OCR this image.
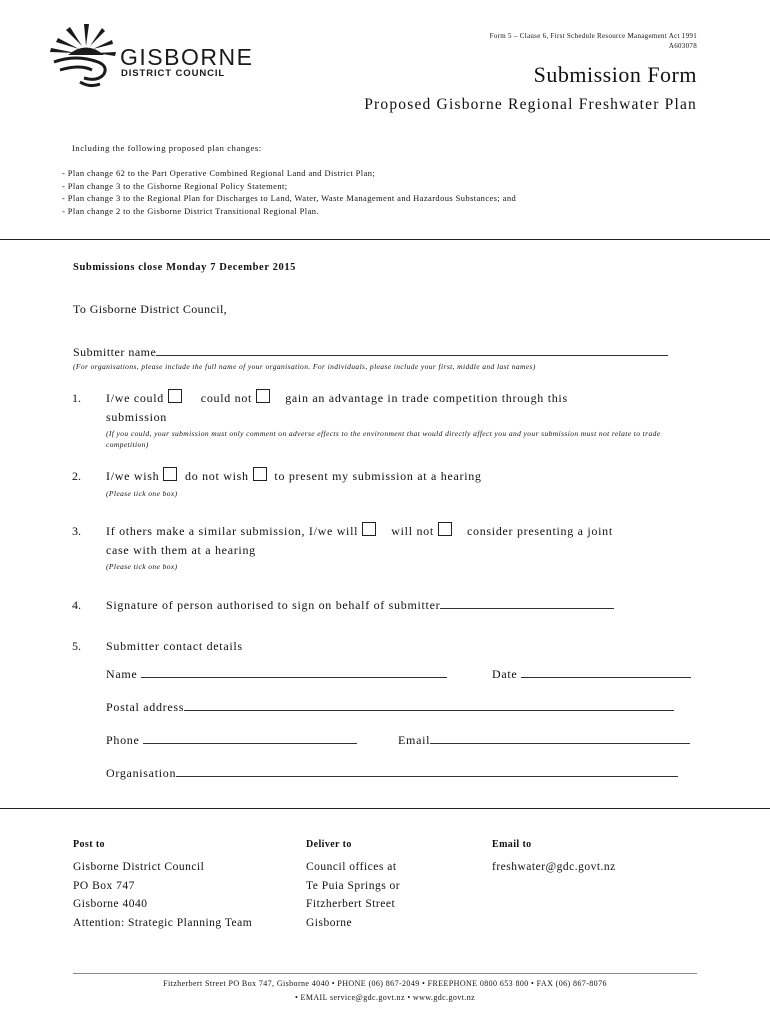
Form 5 – Clause 6, First Schedule Resource Management Act 1991
A603078
GISBORNE
DISTRICT COUNCIL	Submission Form
Proposed Gisborne Regional Freshwater Plan
Including the following proposed plan changes:
- Plan change 62 to the Part Operative Combined Regional Land and District Plan;
- Plan change 3 to the Gisborne Regional Policy Statement;
- Plan change 3 to the Regional Plan for Discharges to Land, Water, Waste Management and Hazardous Substances; and
- Plan change 2 to the Gisborne District Transitional Regional Plan.
Submissions close Monday 7 December 2015
To Gisborne District Council,
Submitter name
(For organisations, please include the full name of your organisation. For individuals, please include your first, middle and last names)
1. I/we could	could not	gain an advantage in trade competition through this
submission
(If you could, your submission must only comment on adverse effects to the environment that would directly affect you and your submission must not relate to trade competition)
2. I/we wish do not wish to present my submission at a hearing
(Please tick one box)
3. If others make a similar submission, I/we will	will not	consider presenting a joint
case with them at a hearing
(Please tick one box)
4. Signature of person authorised to sign on behalf of submitter
5. Submitter contact details
Name	Date
Postal address
Phone	Email
Organisation
Post to
Gisborne District Council
PO Box 747
Gisborne 4040
Attention: Strategic Planning Team
Deliver to
Council offices at
Te Puia Springs or
Fitzherbert Street
Gisborne
Email to
freshwater@gdc.govt.nz
Fitzherbert Street PO Box 747, Gisborne 4040 • PHONE (06) 867-2049 • FREEPHONE 0800 653 800 • FAX (06) 867-8076
• EMAIL service@gdc.govt.nz • www.gdc.govt.nz
